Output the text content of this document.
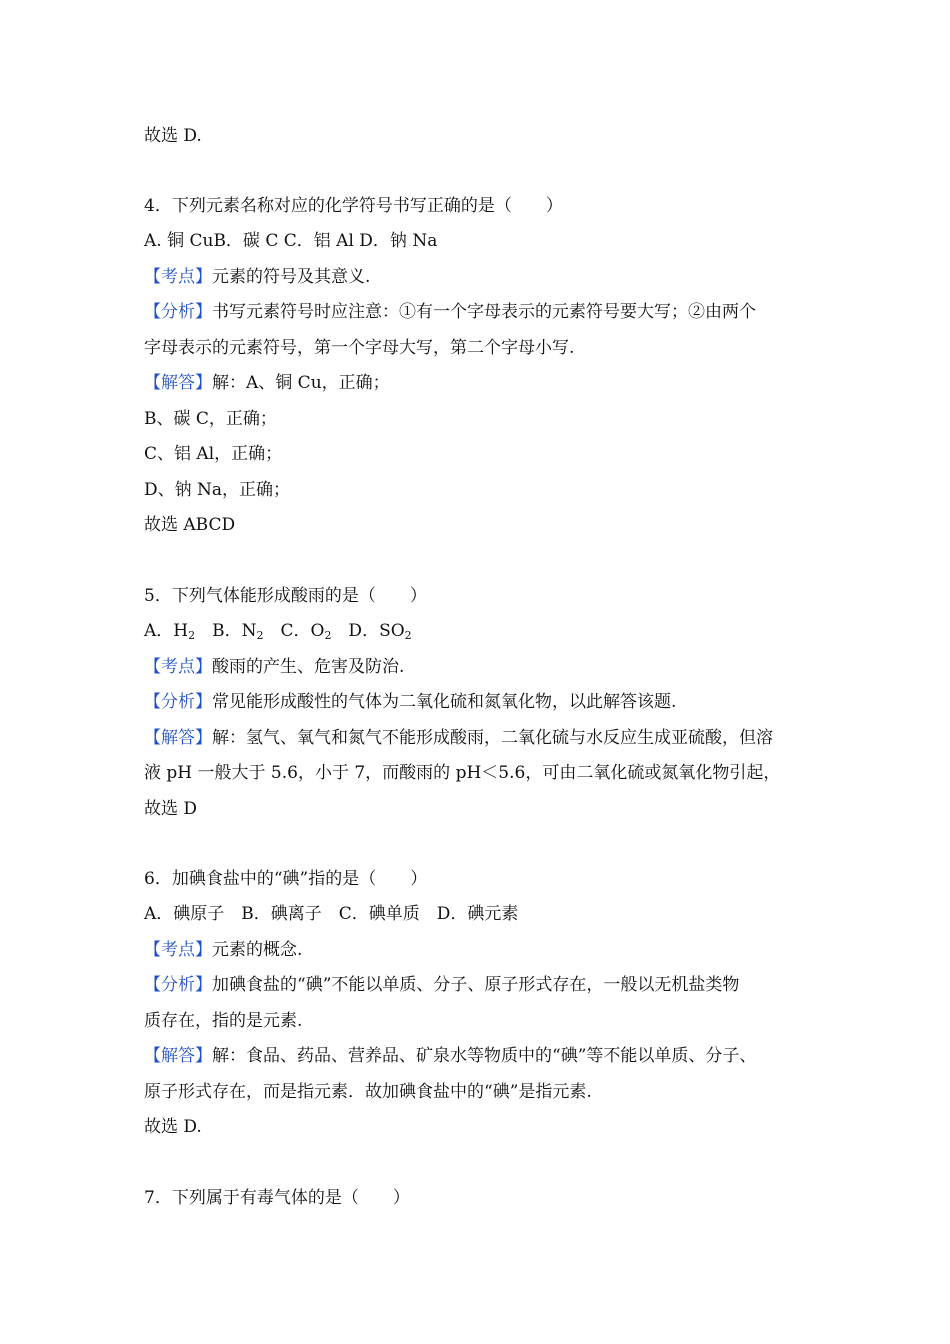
故选 D.
4．下列元素名称对应的化学符号书写正确的是（　　）
A. 铜 CuB．碳 C C．铝 Al D．钠 Na
【考点】元素的符号及其意义.
【分析】书写元素符号时应注意：①有一个字母表示的元素符号要大写；②由两个
字母表示的元素符号，第一个字母大写，第二个字母小写.
【解答】解：A、铜 Cu，正确；
B、碳 C，正确；
C、铝 Al，正确；
D、钠 Na，正确；
故选 ABCD
5．下列气体能形成酸雨的是（　　）
A．$H_2$　B．$N_2$　C．$O_2$　D．$SO_2$
【考点】酸雨的产生、危害及防治.
【分析】常见能形成酸性的气体为二氧化硫和氮氧化物，以此解答该题.
【解答】解：氢气、氧气和氮气不能形成酸雨，二氧化硫与水反应生成亚硫酸，但溶
液 pH 一般大于 5.6，小于 7，而酸雨的 pH＜5.6，可由二氧化硫或氮氧化物引起，
故选 D
6．加碘食盐中的“碘”指的是（　　）
A．碘原子　B．碘离子　C．碘单质　D．碘元素
【考点】元素的概念.
【分析】加碘食盐的“碘”不能以单质、分子、原子形式存在，一般以无机盐类物
质存在，指的是元素.
【解答】解：食品、药品、营养品、矿泉水等物质中的“碘”等不能以单质、分子、
原子形式存在，而是指元素．故加碘食盐中的“碘”是指元素.
故选 D.
7．下列属于有毒气体的是（　　）
